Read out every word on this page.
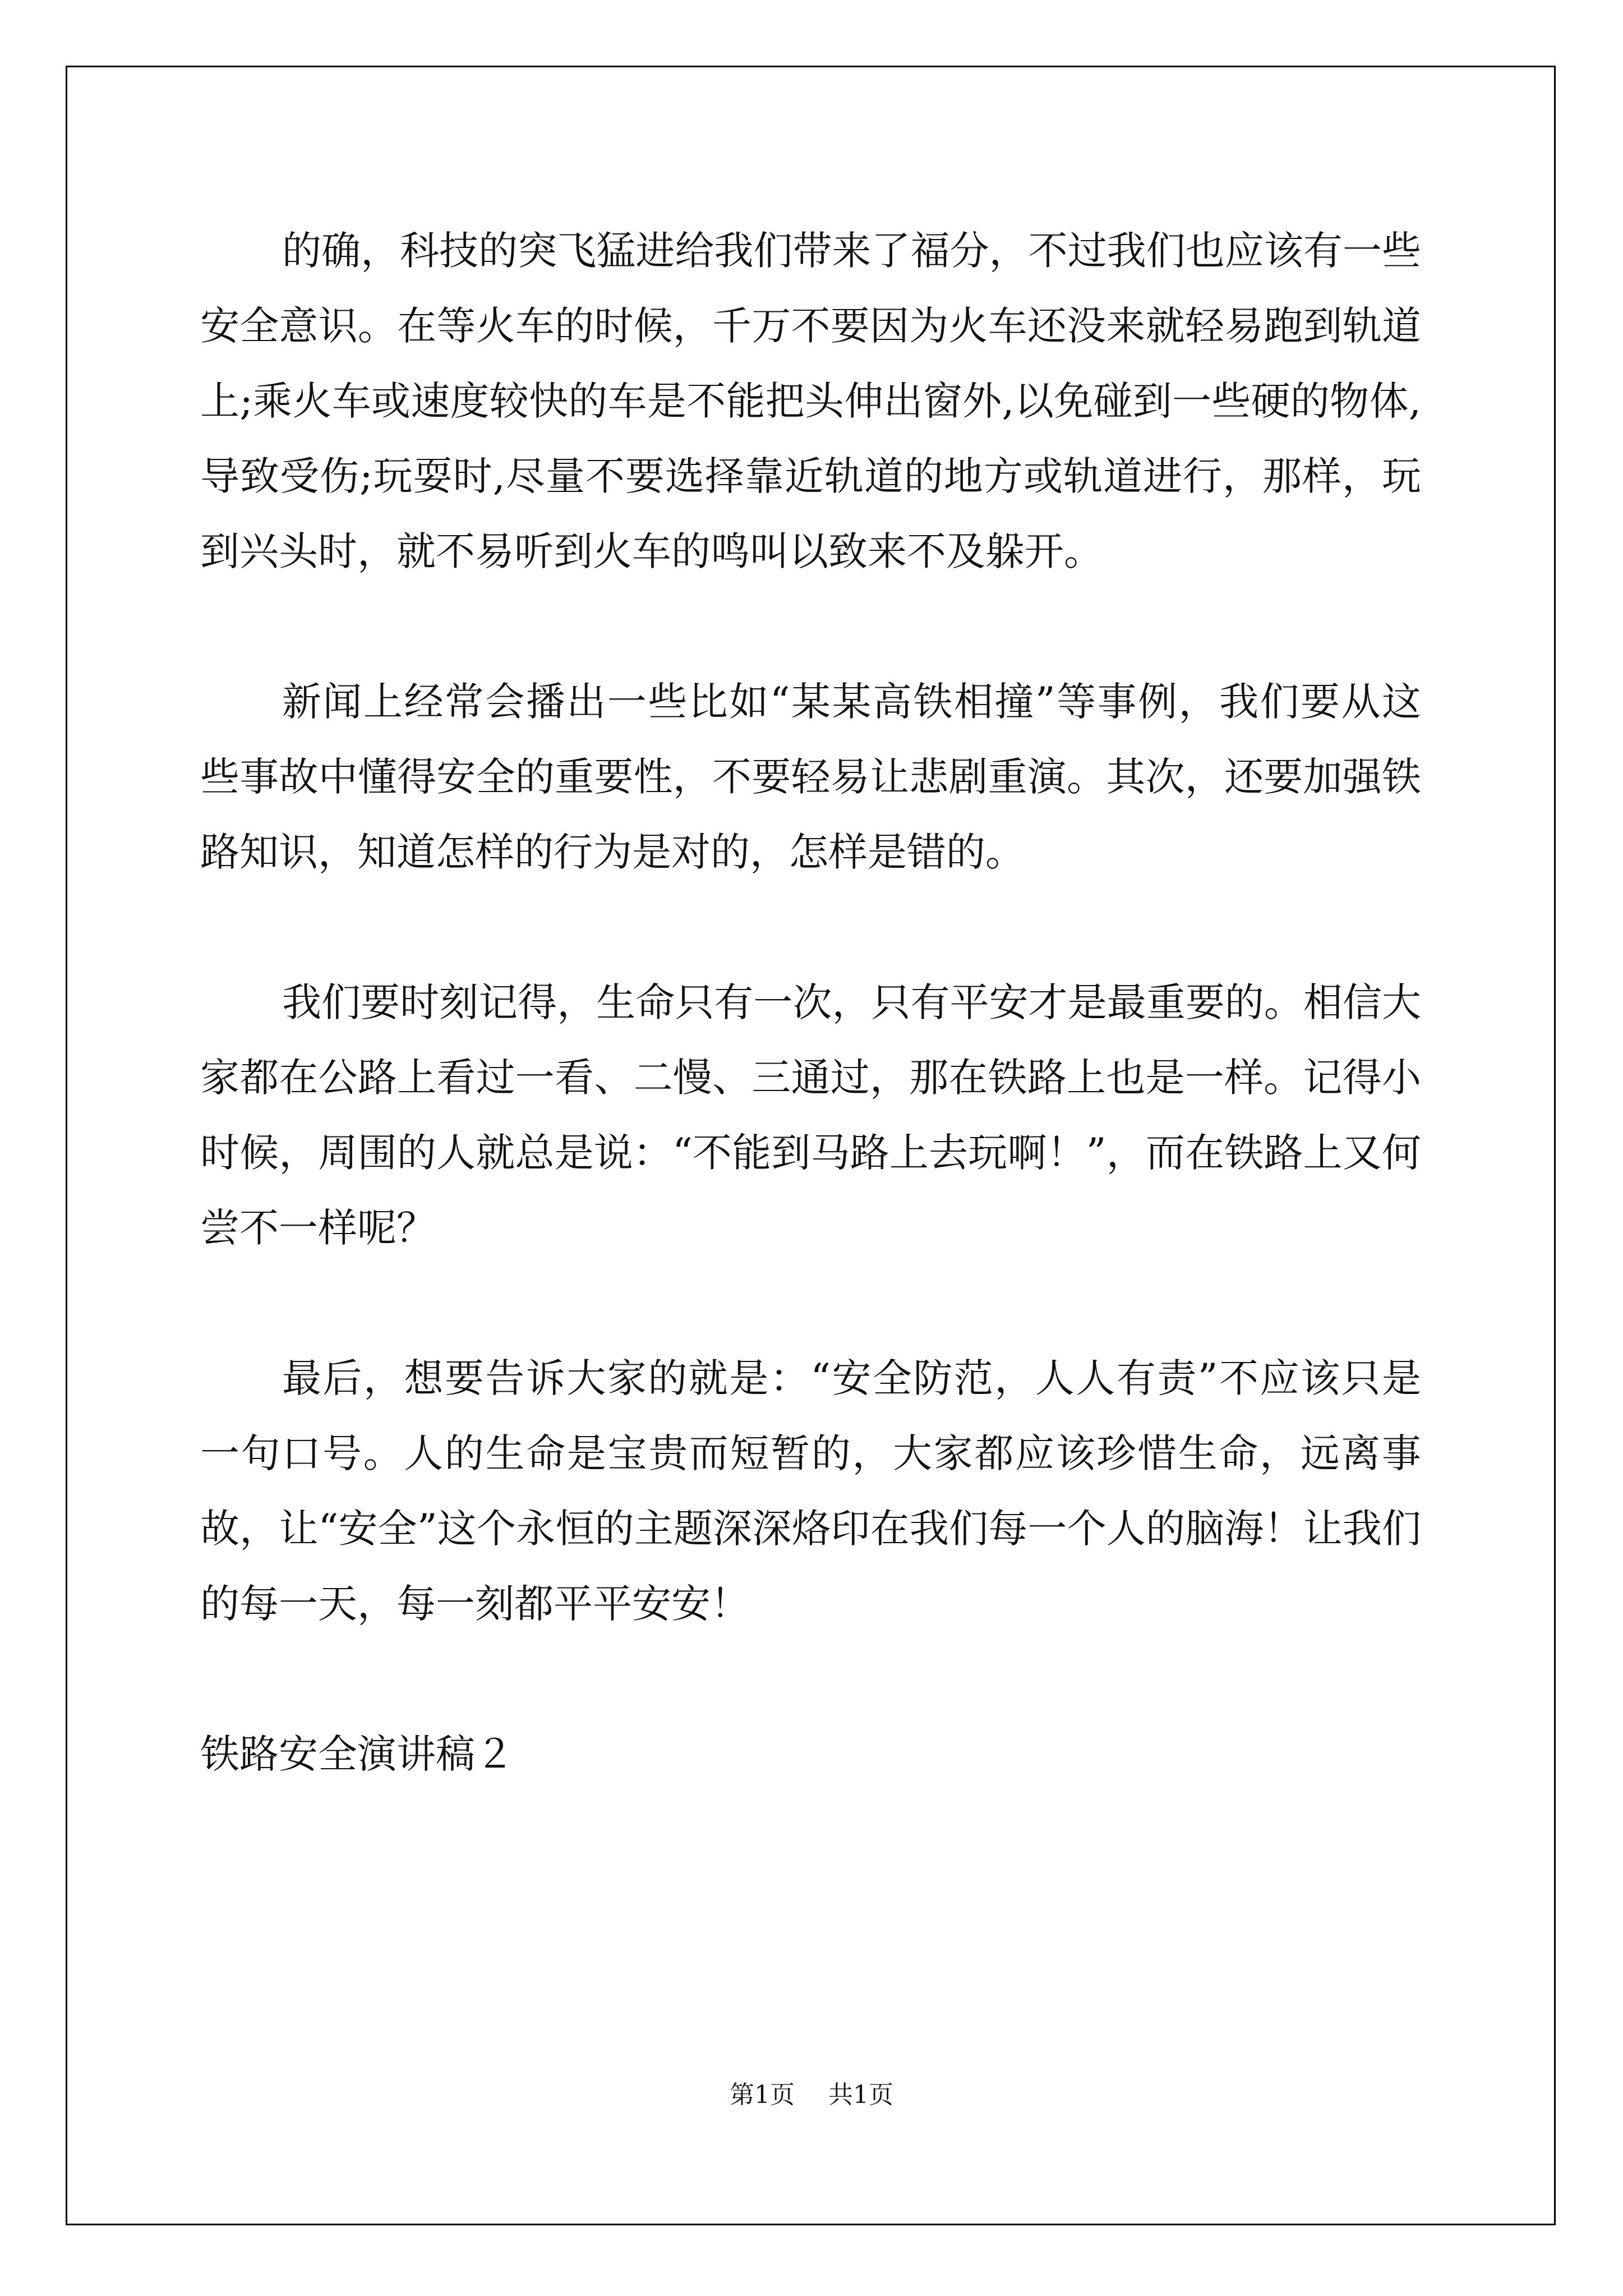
的确，科技的突飞猛进给我们带来了福分，不过我们也应该有一些安全意识。在等火车的时候，千万不要因为火车还没来就轻易跑到轨道上;乘火车或速度较快的车是不能把头伸出窗外,以免碰到一些硬的物体,导致受伤;玩耍时,尽量不要选择靠近轨道的地方或轨道进行，那样，玩到兴头时，就不易听到火车的鸣叫以致来不及躲开。

新闻上经常会播出一些比如“某某高铁相撞”等事例，我们要从这些事故中懂得安全的重要性，不要轻易让悲剧重演。其次，还要加强铁路知识，知道怎样的行为是对的，怎样是错的。

我们要时刻记得，生命只有一次，只有平安才是最重要的。相信大家都在公路上看过一看、二慢、三通过，那在铁路上也是一样。记得小时候，周围的人就总是说：“不能到马路上去玩啊！”，而在铁路上又何尝不一样呢？

最后，想要告诉大家的就是：“安全防范，人人有责”不应该只是一句口号。人的生命是宝贵而短暂的，大家都应该珍惜生命，远离事故，让“安全”这个永恒的主题深深烙印在我们每一个人的脑海！让我们的每一天，每一刻都平平安安！

铁路安全演讲稿２

第1页 共1页
